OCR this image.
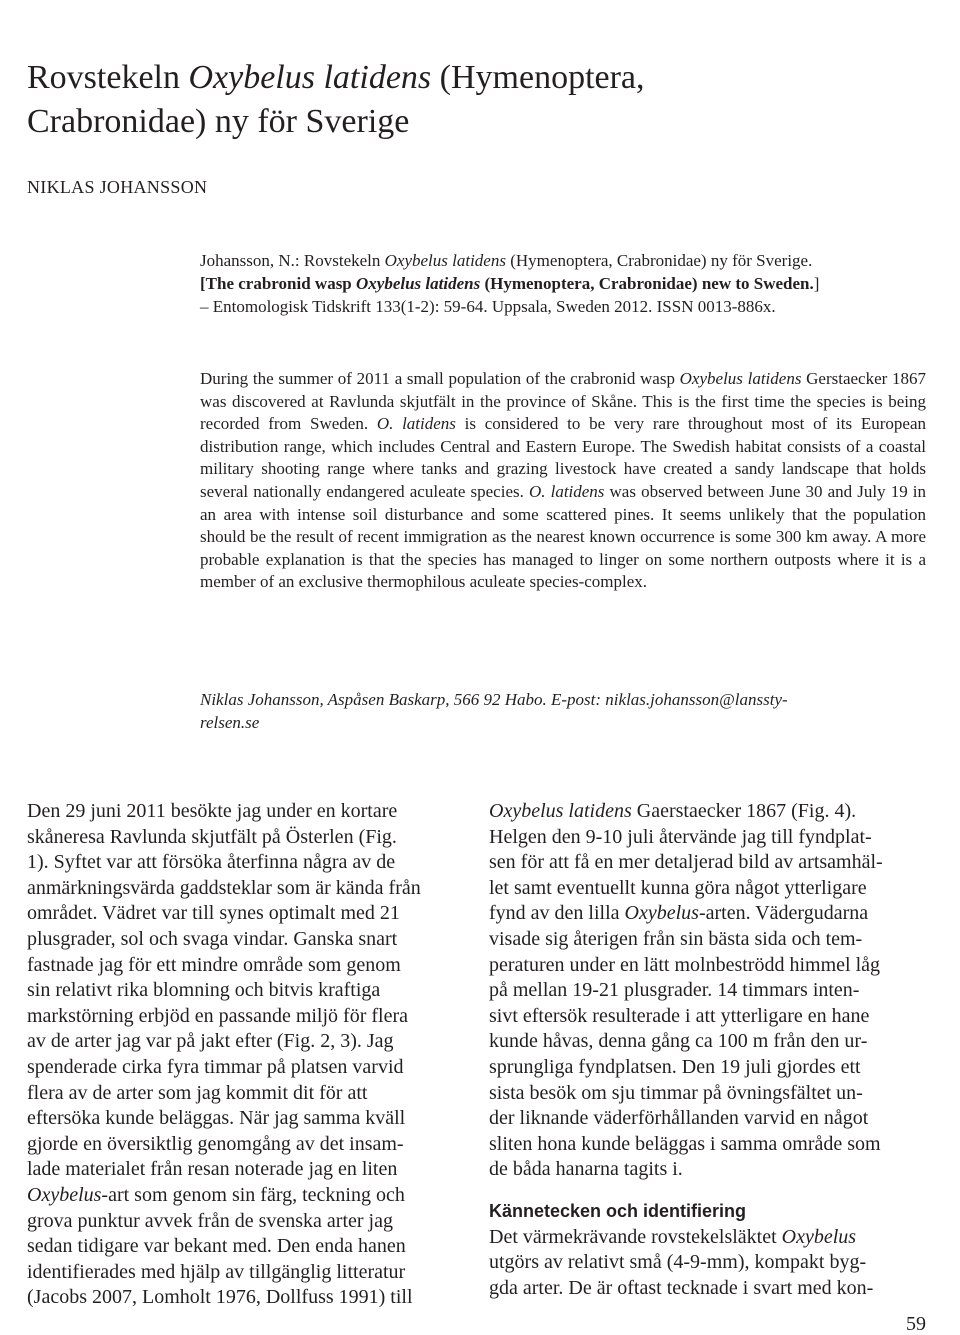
Rovstekeln Oxybelus latidens (Hymenoptera,
Crabronidae) ny för Sverige
NIKLAS JOHANSSON
Johansson, N.: Rovstekeln Oxybelus latidens (Hymenoptera, Crabronidae) ny för Sverige.
[The crabronid wasp Oxybelus latidens (Hymenoptera, Crabronidae) new to Sweden.]
– Entomologisk Tidskrift 133(1-2): 59-64. Uppsala, Sweden 2012. ISSN 0013-886x.

During the summer of 2011 a small population of the crabronid wasp Oxybelus latidens Gerstaecker 1867 was discovered at Ravlunda skjutfält in the province of Skåne. This is the first time the species is being recorded from Sweden. O. latidens is considered to be very rare throughout most of its European distribution range, which includes Central and Eastern Europe. The Swedish habitat consists of a coastal military shooting range where tanks and grazing livestock have created a sandy landscape that holds several nationally endangered aculeate species. O. latidens was observed between June 30 and July 19 in an area with intense soil disturbance and some scattered pines. It seems unlikely that the population should be the result of recent immigration as the nearest known occurrence is some 300 km away. A more probable explanation is that the species has managed to linger on some northern outposts where it is a member of an exclusive thermophilous aculeate species-complex.

Niklas Johansson, Aspåsen Baskarp, 566 92 Habo. E-post: niklas.johansson@lanssty-
relsen.se
Den 29 juni 2011 besökte jag under en kortare
skåneresa Ravlunda skjutfält på Österlen (Fig.
1). Syftet var att försöka återfinna några av de
anmärkningsvärda gaddsteklar som är kända från
området. Vädret var till synes optimalt med 21
plusgrader, sol och svaga vindar. Ganska snart
fastnade jag för ett mindre område som genom
sin relativt rika blomning och bitvis kraftiga
markstörning erbjöd en passande miljö för flera
av de arter jag var på jakt efter (Fig. 2, 3). Jag
spenderade cirka fyra timmar på platsen varvid
flera av de arter som jag kommit dit för att
eftersöka kunde beläggas. När jag samma kväll
gjorde en översiktlig genomgång av det insam-
lade materialet från resan noterade jag en liten
Oxybelus-art som genom sin färg, teckning och
grova punktur avvek från de svenska arter jag
sedan tidigare var bekant med. Den enda hanen
identifierades med hjälp av tillgänglig litteratur
(Jacobs 2007, Lomholt 1976, Dollfuss 1991) till
Oxybelus latidens Gaerstaecker 1867 (Fig. 4).
Helgen den 9-10 juli återvände jag till fyndplat-
sen för att få en mer detaljerad bild av artsamhäl-
let samt eventuellt kunna göra något ytterligare
fynd av den lilla Oxybelus-arten. Vädergudarna
visade sig återigen från sin bästa sida och tem-
peraturen under en lätt molnbeströdd himmel låg
på mellan 19-21 plusgrader. 14 timmars inten-
sivt eftersök resulterade i att ytterligare en hane
kunde håvas, denna gång ca 100 m från den ur-
sprungliga fyndplatsen. Den 19 juli gjordes ett
sista besök om sju timmar på övningsfältet un-
der liknande väderförhållanden varvid en något
sliten hona kunde beläggas i samma område som
de båda hanarna tagits i.
Kännetecken och identifiering
Det värmekrävande rovstekelsläktet Oxybelus
utgörs av relativt små (4-9-mm), kompakt byg-
gda arter. De är oftast tecknade i svart med kon-
59
